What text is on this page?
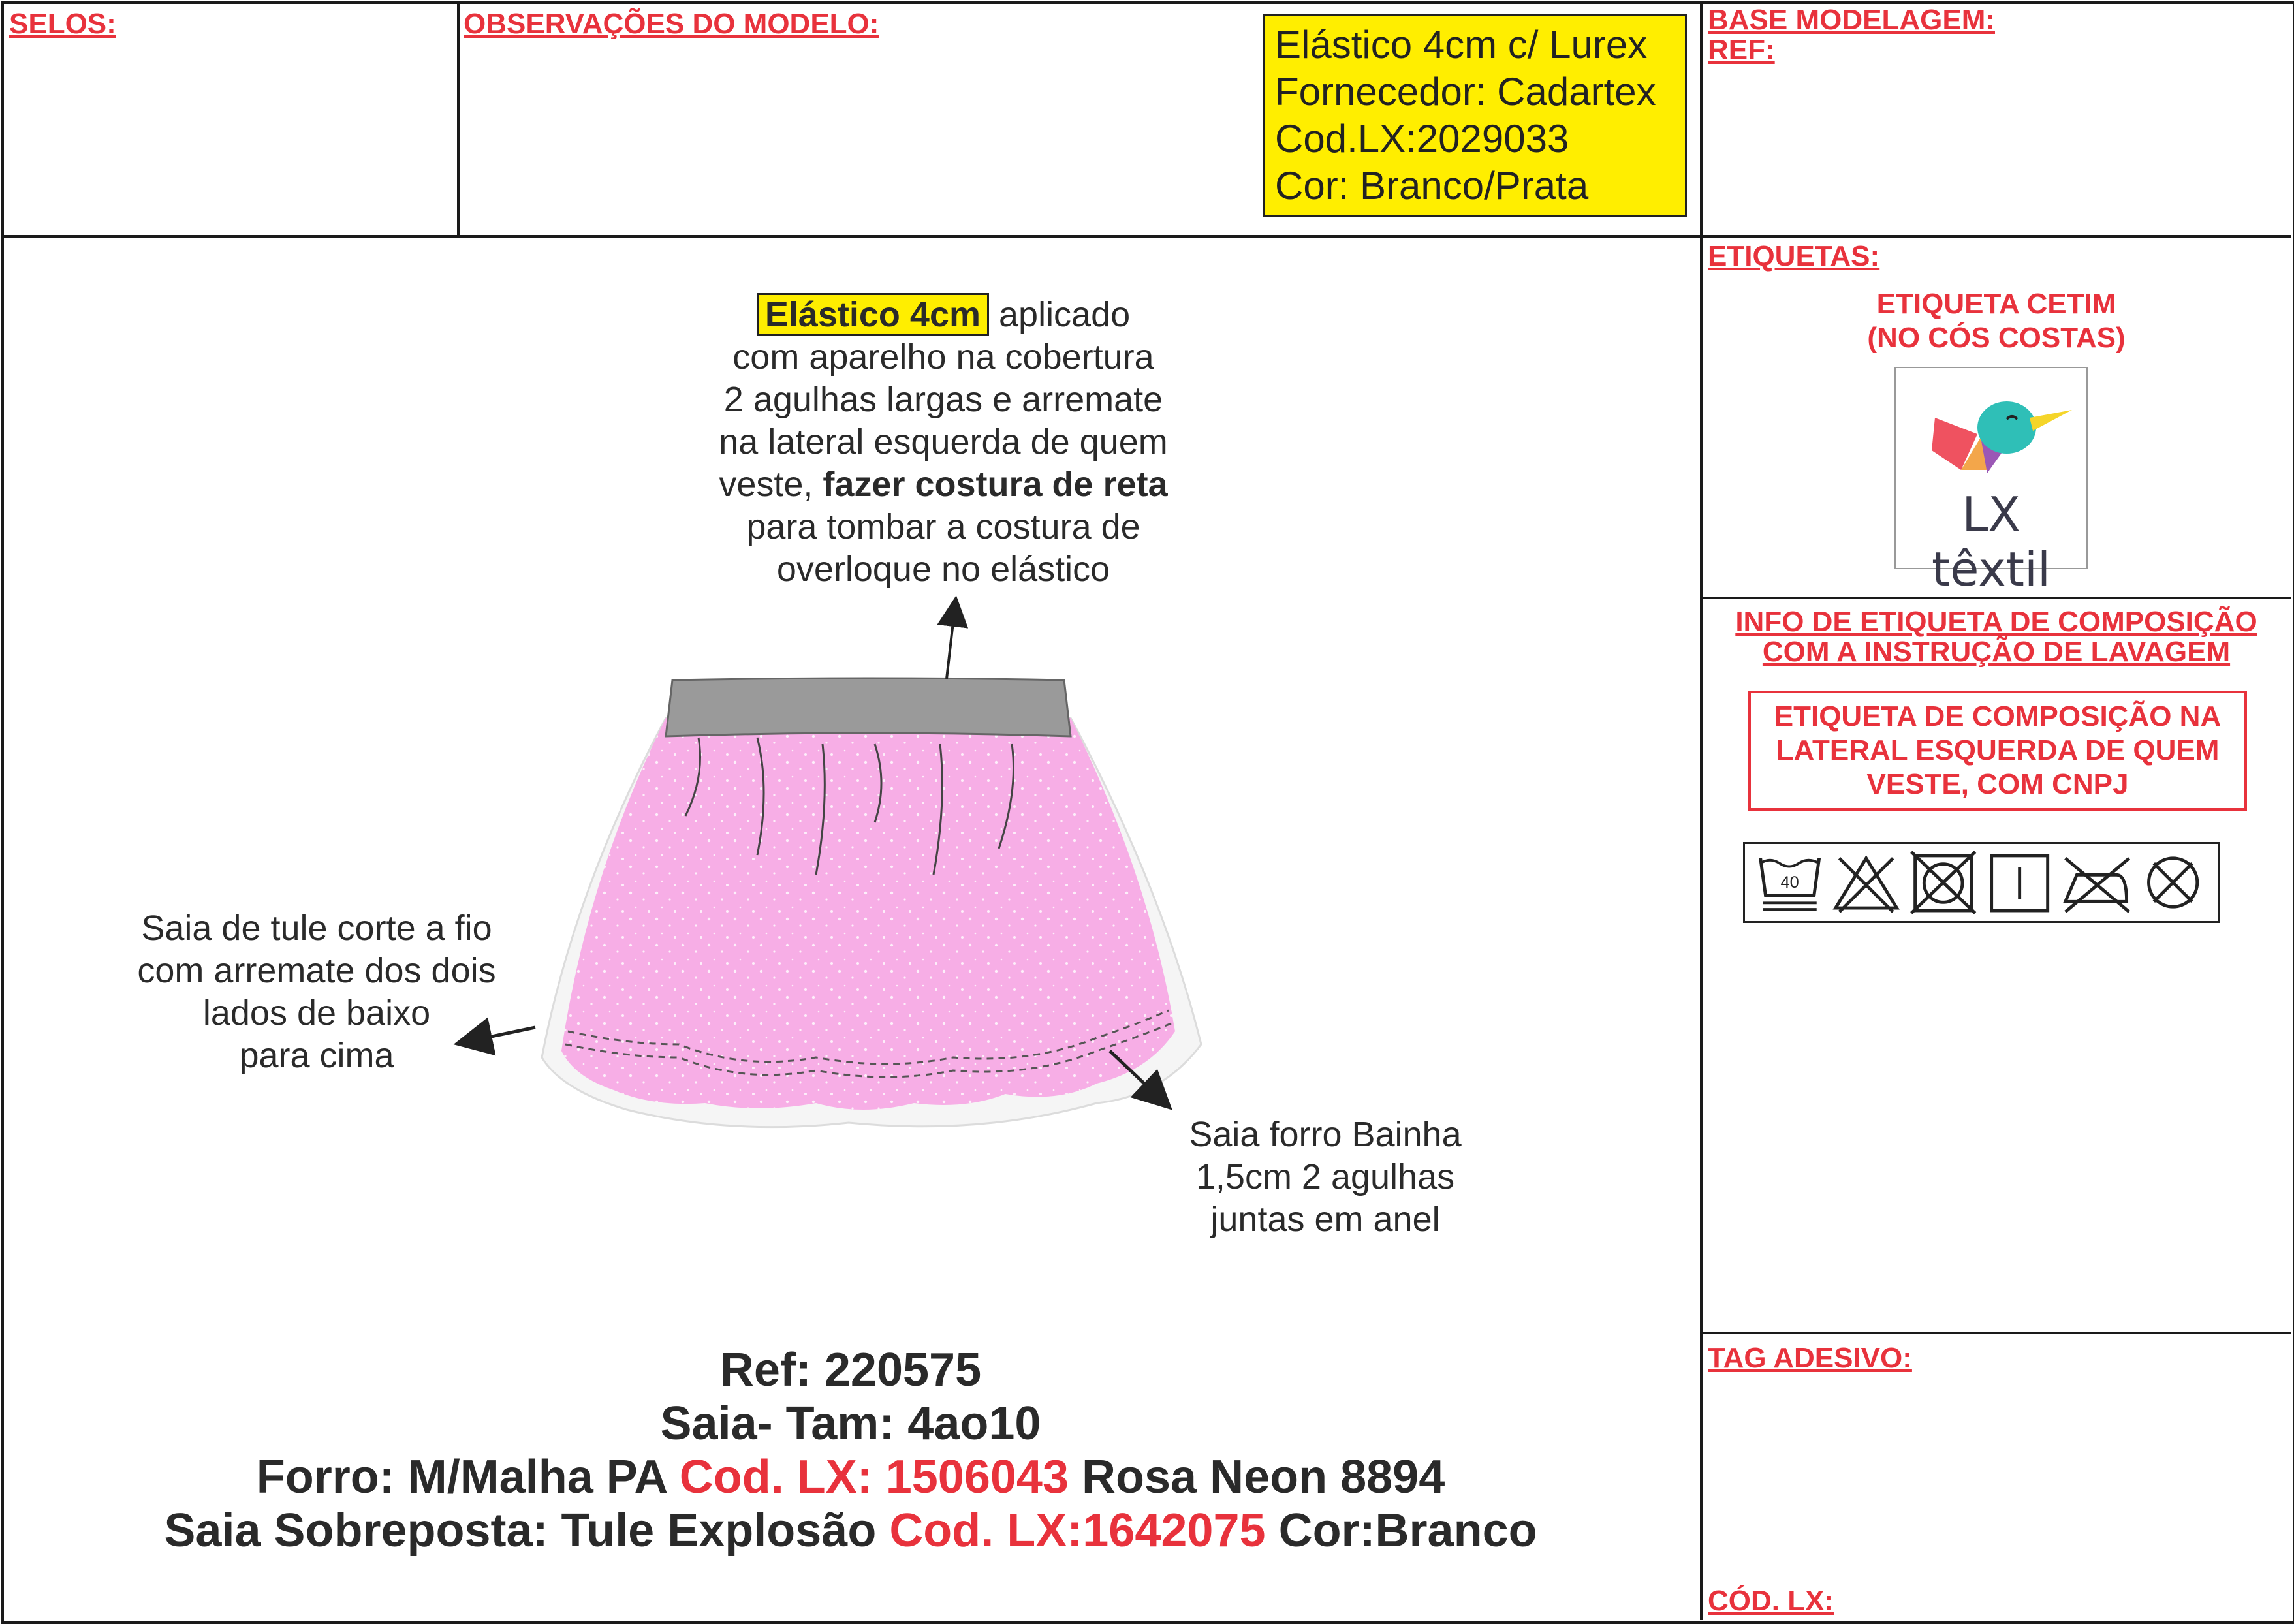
SELOS:	OBSERVAÇÕES DO MODELO:	Elástico 4cm c/ Lurex
Fornecedor: Cadartex
Cod.LX:2029033
Cor: Branco/Prata
BASE MODELAGEM:
REF:
ETIQUETAS:
ETIQUETA CETIM
(NO CÓS COSTAS)
LX têxtil
INFO DE ETIQUETA DE COMPOSIÇÃO
COM A INSTRUÇÃO DE LAVAGEM
ETIQUETA DE COMPOSIÇÃO NA
LATERAL ESQUERDA DE QUEM
VESTE, COM CNPJ
40
TAG ADESIVO:
CÓD. LX:
Elástico 4cm aplicado
com aparelho na cobertura
2 agulhas largas e arremate
na lateral esquerda de quem
veste, fazer costura de reta
para tombar a costura de
overloque no elástico
Saia de tule corte a fio
com arremate dos dois
lados de baixo
para cima
Saia forro Bainha
1,5cm 2 agulhas
juntas em anel
Ref: 220575
Saia- Tam: 4ao10
Forro: M/Malha PA Cod. LX: 1506043 Rosa Neon 8894
Saia Sobreposta: Tule Explosão Cod. LX:1642075 Cor:Branco
